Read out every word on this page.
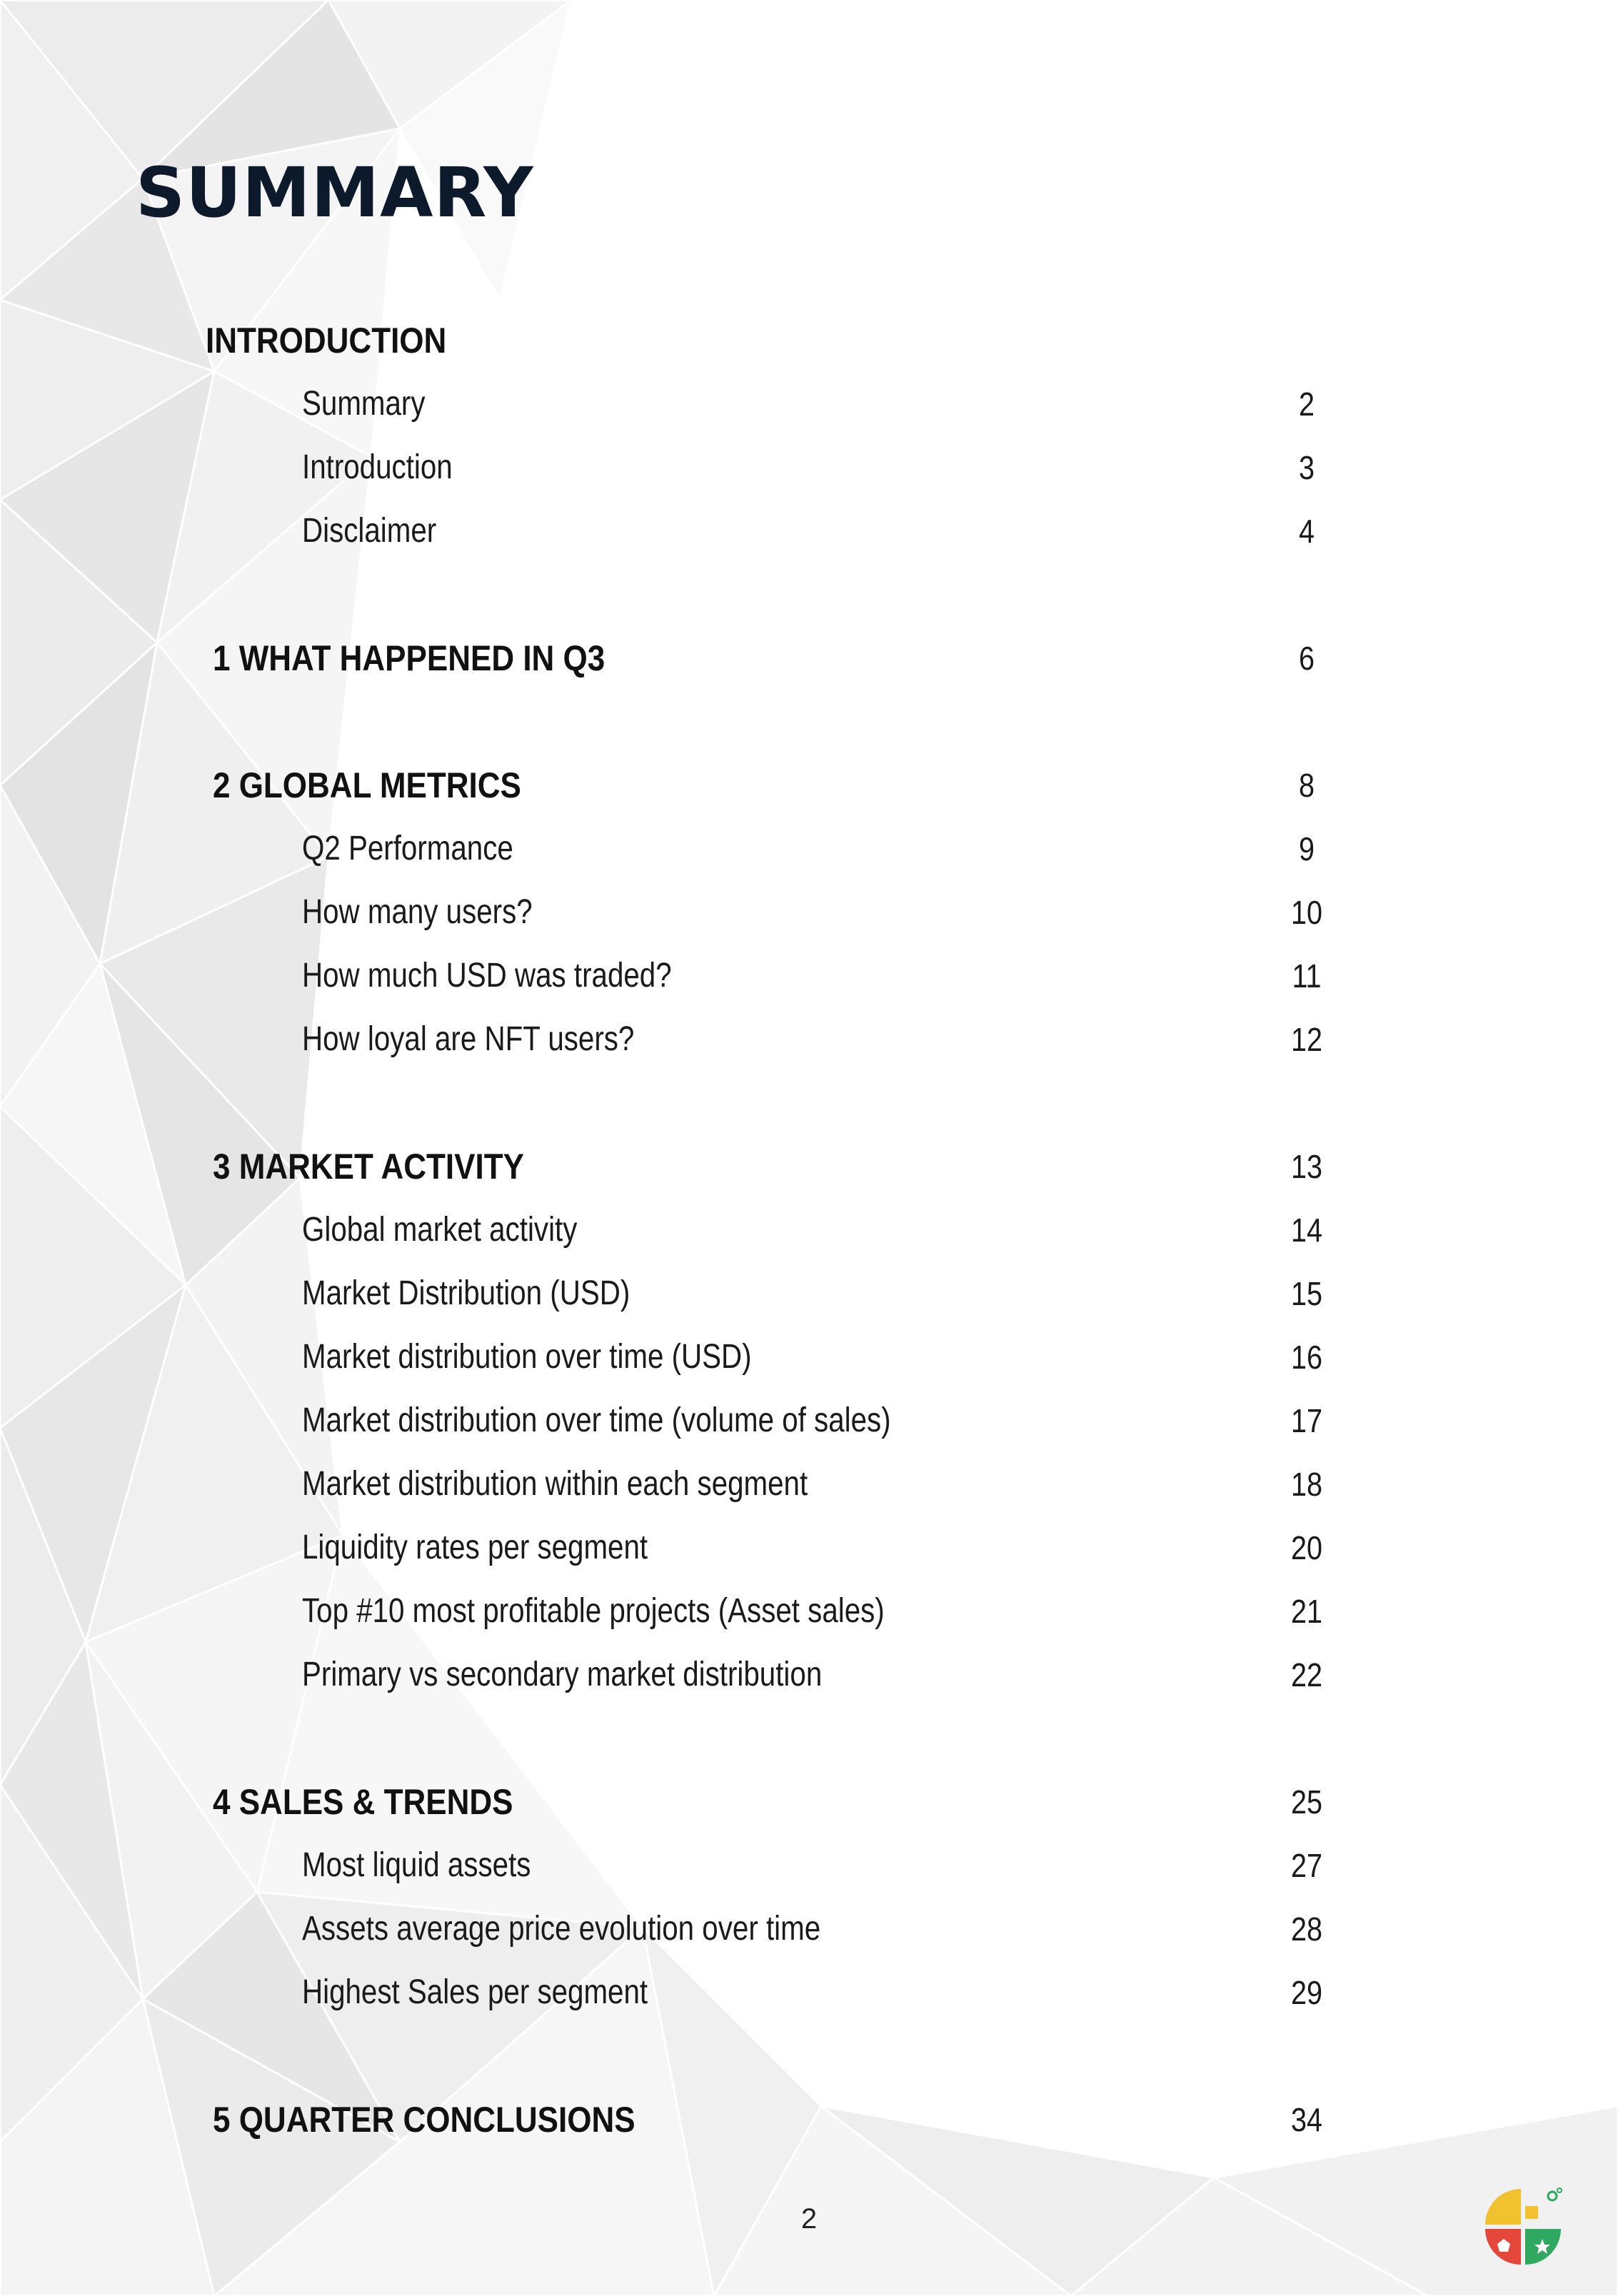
SUMMARY
INTRODUCTION
Summary	2
Introduction	3
Disclaimer	4
1 WHAT HAPPENED IN Q3	6
2 GLOBAL METRICS	8
Q2 Performance	9
How many users?	10
How much USD was traded?	11
How loyal are NFT users?	12
3 MARKET ACTIVITY	13
Global market activity	14
Market Distribution (USD)	15
Market distribution over time (USD)	16
Market distribution over time (volume of sales)	17
Market distribution within each segment	18
Liquidity rates per segment	20
Top #10 most profitable projects (Asset sales)	21
Primary vs secondary market distribution	22
4 SALES & TRENDS	25
Most liquid assets	27
Assets average price evolution over time	28
Highest Sales per segment	29
5 QUARTER CONCLUSIONS	34
2
